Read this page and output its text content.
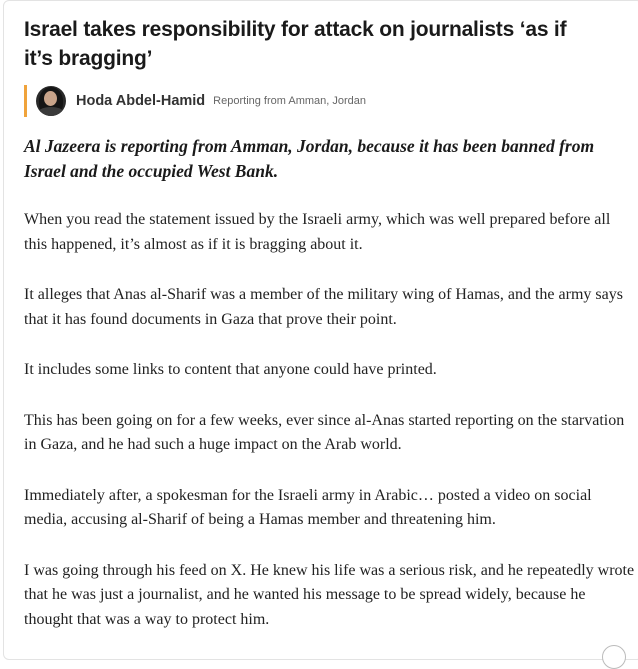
Israel takes responsibility for attack on journalists ‘as if it’s bragging’
Hoda Abdel-Hamid Reporting from Amman, Jordan

Al Jazeera is reporting from Amman, Jordan, because it has been banned from Israel and the occupied West Bank.

When you read the statement issued by the Israeli army, which was well prepared before all this happened, it’s almost as if it is bragging about it.

It alleges that Anas al-Sharif was a member of the military wing of Hamas, and the army says that it has found documents in Gaza that prove their point.

It includes some links to content that anyone could have printed.

This has been going on for a few weeks, ever since al-Anas started reporting on the starvation in Gaza, and he had such a huge impact on the Arab world.

Immediately after, a spokesman for the Israeli army in Arabic… posted a video on social media, accusing al-Sharif of being a Hamas member and threatening him.

I was going through his feed on X. He knew his life was a serious risk, and he repeatedly wrote that he was just a journalist, and he wanted his message to be spread widely, because he thought that was a way to protect him.
